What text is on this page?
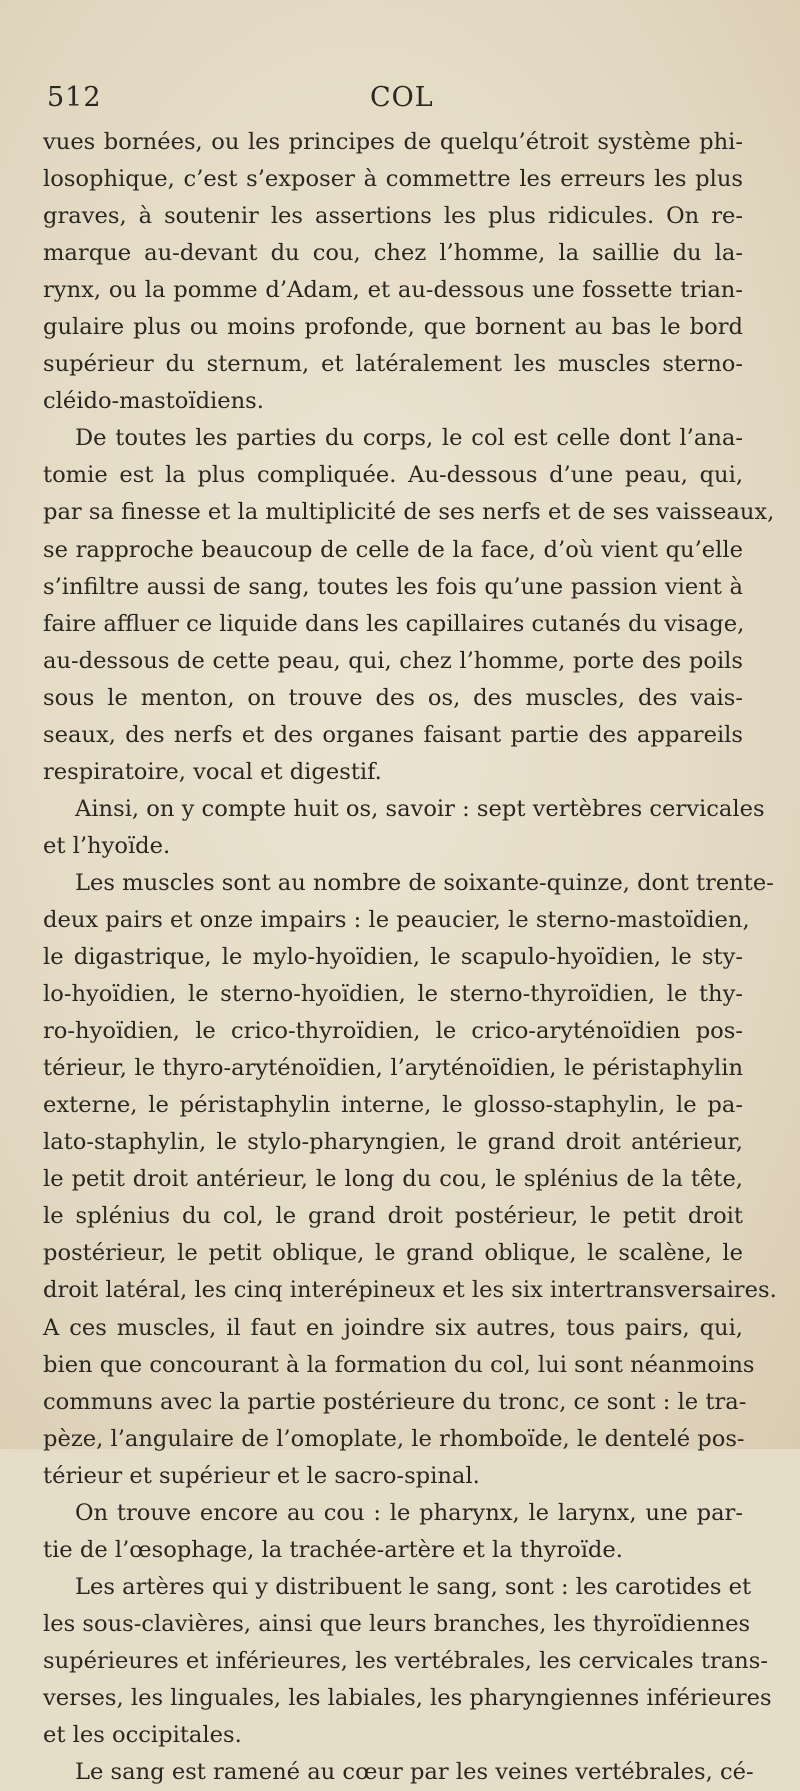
512	COL
vues bornées, ou les principes de quelqu’étroit système phi-
losophique, c’est s’exposer à commettre les erreurs les plus
graves, à soutenir les assertions les plus ridicules. On re-
marque au-devant du cou, chez l’homme, la saillie du la-
rynx, ou la pomme d’Adam, et au-dessous une fossette trian-
gulaire plus ou moins profonde, que bornent au bas le bord
supérieur du sternum, et latéralement les muscles sterno-
cléido-mastoïdiens.
De toutes les parties du corps, le col est celle dont l’ana-
tomie est la plus compliquée. Au-dessous d’une peau, qui,
par sa finesse et la multiplicité de ses nerfs et de ses vaisseaux,
se rapproche beaucoup de celle de la face, d’où vient qu’elle
s’infiltre aussi de sang, toutes les fois qu’une passion vient à
faire affluer ce liquide dans les capillaires cutanés du visage,
au-dessous de cette peau, qui, chez l’homme, porte des poils
sous le menton, on trouve des os, des muscles, des vais-
seaux, des nerfs et des organes faisant partie des appareils
respiratoire, vocal et digestif.
Ainsi, on y compte huit os, savoir : sept vertèbres cervicales
et l’hyoïde.
Les muscles sont au nombre de soixante-quinze, dont trente-
deux pairs et onze impairs : le peaucier, le sterno-mastoïdien,
le digastrique, le mylo-hyoïdien, le scapulo-hyoïdien, le sty-
lo-hyoïdien, le sterno-hyoïdien, le sterno-thyroïdien, le thy-
ro-hyoïdien, le crico-thyroïdien, le crico-aryténoïdien pos-
térieur, le thyro-aryténoïdien, l’aryténoïdien, le péristaphylin
externe, le péristaphylin interne, le glosso-staphylin, le pa-
lato-staphylin, le stylo-pharyngien, le grand droit antérieur,
le petit droit antérieur, le long du cou, le splénius de la tête,
le splénius du col, le grand droit postérieur, le petit droit
postérieur, le petit oblique, le grand oblique, le scalène, le
droit latéral, les cinq interépineux et les six intertransversaires.
A ces muscles, il faut en joindre six autres, tous pairs, qui,
bien que concourant à la formation du col, lui sont néanmoins
communs avec la partie postérieure du tronc, ce sont : le tra-
pèze, l’angulaire de l’omoplate, le rhomboïde, le dentelé pos-
térieur et supérieur et le sacro-spinal.
On trouve encore au cou : le pharynx, le larynx, une par-
tie de l’œsophage, la trachée-artère et la thyroïde.
Les artères qui y distribuent le sang, sont : les carotides et
les sous-clavières, ainsi que leurs branches, les thyroïdiennes
supérieures et inférieures, les vertébrales, les cervicales trans-
verses, les linguales, les labiales, les pharyngiennes inférieures
et les occipitales.
Le sang est ramené au cœur par les veines vertébrales, cé-
